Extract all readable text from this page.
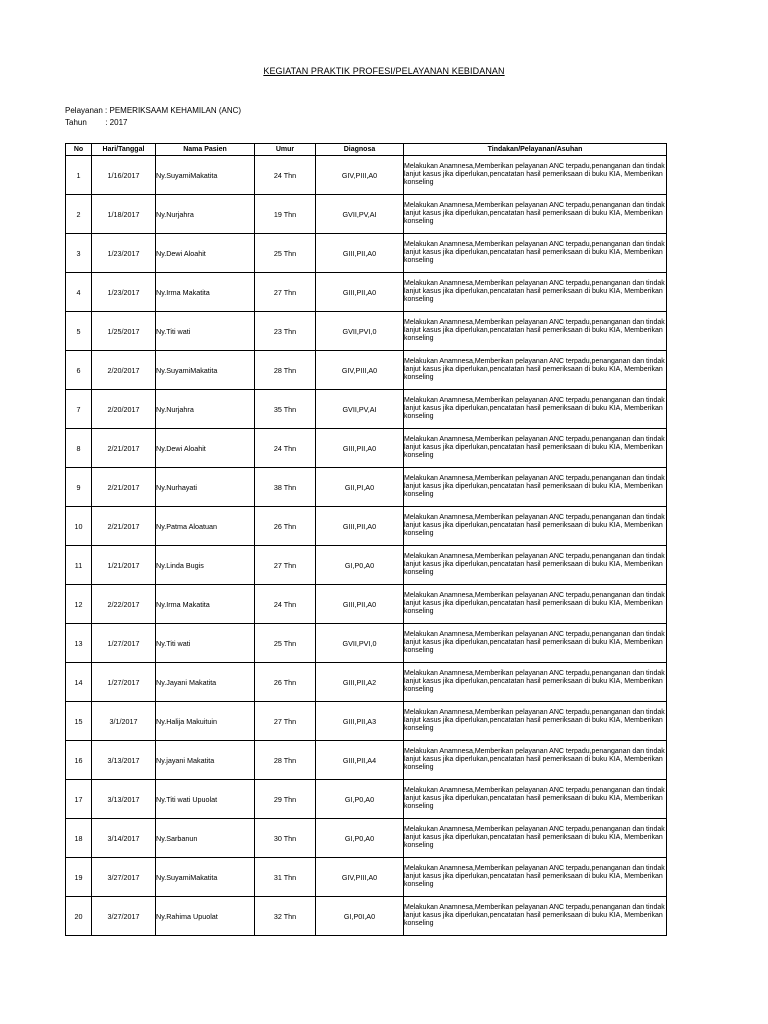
KEGIATAN PRAKTIK PROFESI/PELAYANAN KEBIDANAN
Pelayanan : PEMERIKSAAM KEHAMILAN (ANC)
Tahun : 2017
No	Hari/Tanggal	Nama Pasien	Umur	Diagnosa	Tindakan/Pelayanan/Asuhan
1	1/16/2017	Ny.SuyamiMakatita	24 Thn	GIV,PIII,A0	Melakukan Anamnesa,Memberikan pelayanan ANC terpadu,penanganan dan tindak lanjut kasus jika diperlukan,pencatatan hasil pemeriksaan di buku KIA, Memberikan konseling
2	1/18/2017	Ny.Nurjahra	19 Thn	GVII,PV,AI	Melakukan Anamnesa,Memberikan pelayanan ANC terpadu,penanganan dan tindak lanjut kasus jika diperlukan,pencatatan hasil pemeriksaan di buku KIA, Memberikan konseling
3	1/23/2017	Ny.Dewi Aloahit	25 Thn	GIII,PII,A0	Melakukan Anamnesa,Memberikan pelayanan ANC terpadu,penanganan dan tindak lanjut kasus jika diperlukan,pencatatan hasil pemeriksaan di buku KIA, Memberikan konseling
4	1/23/2017	Ny.Irma Makatita	27 Thn	GIII,PII,A0	Melakukan Anamnesa,Memberikan pelayanan ANC terpadu,penanganan dan tindak lanjut kasus jika diperlukan,pencatatan hasil pemeriksaan di buku KIA, Memberikan konseling
5	1/25/2017	Ny.Titi wati	23 Thn	GVII,PVI,0	Melakukan Anamnesa,Memberikan pelayanan ANC terpadu,penanganan dan tindak lanjut kasus jika diperlukan,pencatatan hasil pemeriksaan di buku KIA, Memberikan konseling
6	2/20/2017	Ny.SuyamiMakatita	28 Thn	GIV,PIII,A0	Melakukan Anamnesa,Memberikan pelayanan ANC terpadu,penanganan dan tindak lanjut kasus jika diperlukan,pencatatan hasil pemeriksaan di buku KIA, Memberikan konseling
7	2/20/2017	Ny.Nurjahra	35 Thn	GVII,PV,AI	Melakukan Anamnesa,Memberikan pelayanan ANC terpadu,penanganan dan tindak lanjut kasus jika diperlukan,pencatatan hasil pemeriksaan di buku KIA, Memberikan konseling
8	2/21/2017	Ny.Dewi Aloahit	24 Thn	GIII,PII,A0	Melakukan Anamnesa,Memberikan pelayanan ANC terpadu,penanganan dan tindak lanjut kasus jika diperlukan,pencatatan hasil pemeriksaan di buku KIA, Memberikan konseling
9	2/21/2017	Ny.Nurhayati	38 Thn	GII,PI,A0	Melakukan Anamnesa,Memberikan pelayanan ANC terpadu,penanganan dan tindak lanjut kasus jika diperlukan,pencatatan hasil pemeriksaan di buku KIA, Memberikan konseling
10	2/21/2017	Ny.Patma Aloatuan	26 Thn	GIII,PII,A0	Melakukan Anamnesa,Memberikan pelayanan ANC terpadu,penanganan dan tindak lanjut kasus jika diperlukan,pencatatan hasil pemeriksaan di buku KIA, Memberikan konseling
11	1/21/2017	Ny.Linda Bugis	27 Thn	GI,P0,A0	Melakukan Anamnesa,Memberikan pelayanan ANC terpadu,penanganan dan tindak lanjut kasus jika diperlukan,pencatatan hasil pemeriksaan di buku KIA, Memberikan konseling
12	2/22/2017	Ny.Irma Makatita	24 Thn	GIII,PII,A0	Melakukan Anamnesa,Memberikan pelayanan ANC terpadu,penanganan dan tindak lanjut kasus jika diperlukan,pencatatan hasil pemeriksaan di buku KIA, Memberikan konseling
13	1/27/2017	Ny.Titi wati	25 Thn	GVII,PVI,0	Melakukan Anamnesa,Memberikan pelayanan ANC terpadu,penanganan dan tindak lanjut kasus jika diperlukan,pencatatan hasil pemeriksaan di buku KIA, Memberikan konseling
14	1/27/2017	Ny.Jayani Makatita	26 Thn	GIII,PII,A2	Melakukan Anamnesa,Memberikan pelayanan ANC terpadu,penanganan dan tindak lanjut kasus jika diperlukan,pencatatan hasil pemeriksaan di buku KIA, Memberikan konseling
15	3/1/2017	Ny.Halija Makuituin	27 Thn	GIII,PII,A3	Melakukan Anamnesa,Memberikan pelayanan ANC terpadu,penanganan dan tindak lanjut kasus jika diperlukan,pencatatan hasil pemeriksaan di buku KIA, Memberikan konseling
16	3/13/2017	Ny.jayani Makatita	28 Thn	GIII,PII,A4	Melakukan Anamnesa,Memberikan pelayanan ANC terpadu,penanganan dan tindak lanjut kasus jika diperlukan,pencatatan hasil pemeriksaan di buku KIA, Memberikan konseling
17	3/13/2017	Ny.Titi wati Upuolat	29 Thn	GI,P0,A0	Melakukan Anamnesa,Memberikan pelayanan ANC terpadu,penanganan dan tindak lanjut kasus jika diperlukan,pencatatan hasil pemeriksaan di buku KIA, Memberikan konseling
18	3/14/2017	Ny.Sarbanun	30 Thn	GI,P0,A0	Melakukan Anamnesa,Memberikan pelayanan ANC terpadu,penanganan dan tindak lanjut kasus jika diperlukan,pencatatan hasil pemeriksaan di buku KIA, Memberikan konseling
19	3/27/2017	Ny.SuyamiMakatita	31 Thn	GIV,PIII,A0	Melakukan Anamnesa,Memberikan pelayanan ANC terpadu,penanganan dan tindak lanjut kasus jika diperlukan,pencatatan hasil pemeriksaan di buku KIA, Memberikan konseling
20	3/27/2017	Ny.Rahima Upuolat	32 Thn	GI,P0I,A0	Melakukan Anamnesa,Memberikan pelayanan ANC terpadu,penanganan dan tindak lanjut kasus jika diperlukan,pencatatan hasil pemeriksaan di buku KIA, Memberikan konseling
